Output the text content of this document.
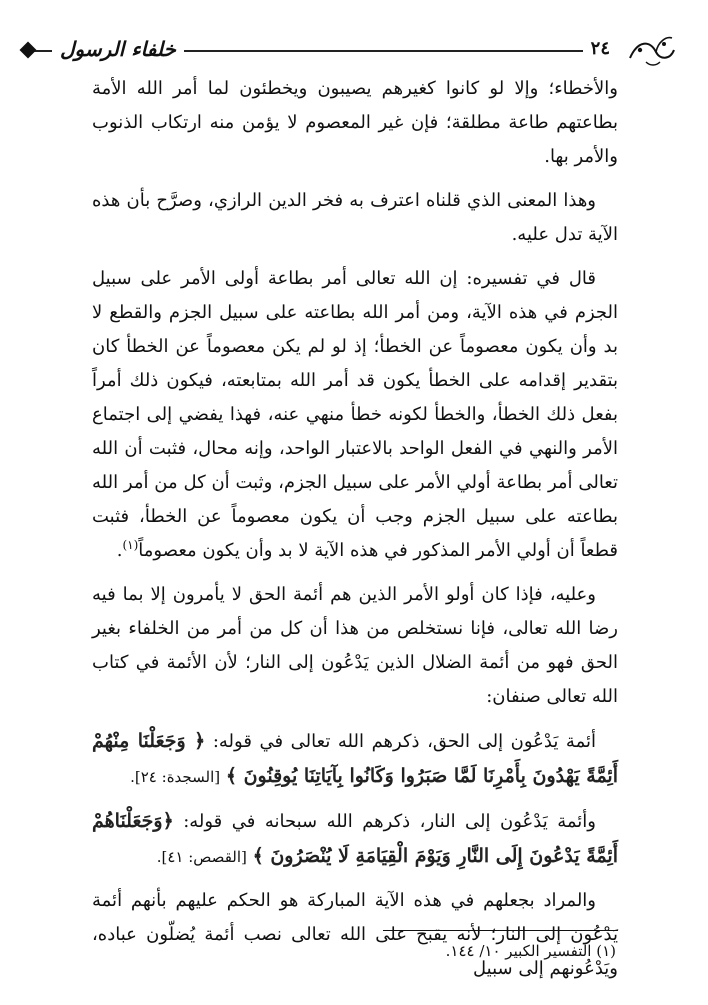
خلفاء الرسول	٢٤

والأخطاء؛ وإلا لو كانوا كغيرهم يصيبون ويخطئون لما أمر الله الأمة بطاعتهم طاعة مطلقة؛ فإن غير المعصوم لا يؤمن منه ارتكاب الذنوب والأمر بها.

وهذا المعنى الذي قلناه اعترف به فخر الدين الرازي، وصرَّح بأن هذه الآية تدل عليه.

قال في تفسيره: إن الله تعالى أمر بطاعة أولى الأمر على سبيل الجزم في هذه الآية، ومن أمر الله بطاعته على سبيل الجزم والقطع لا بد وأن يكون معصوماً عن الخطأ؛ إذ لو لم يكن معصوماً عن الخطأ كان بتقدير إقدامه على الخطأ يكون قد أمر الله بمتابعته، فيكون ذلك أمراً بفعل ذلك الخطأ، والخطأ لكونه خطأ منهي عنه، فهذا يفضي إلى اجتماع الأمر والنهي في الفعل الواحد بالاعتبار الواحد، وإنه محال، فثبت أن الله تعالى أمر بطاعة أولي الأمر على سبيل الجزم، وثبت أن كل من أمر الله بطاعته على سبيل الجزم وجب أن يكون معصوماً عن الخطأ، فثبت قطعاً أن أولي الأمر المذكور في هذه الآية لا بد وأن يكون معصوماً$^{(١)}$.

وعليه، فإذا كان أولو الأمر الذين هم أئمة الحق لا يأمرون إلا بما فيه رضا الله تعالى، فإنا نستخلص من هذا أن كل من أمر من الخلفاء بغير الحق فهو من أئمة الضلال الذين يَدْعُون إلى النار؛ لأن الأئمة في كتاب الله تعالى صنفان:

أئمة يَدْعُون إلى الحق، ذكرهم الله تعالى في قوله: ﴿ وَجَعَلْنَا مِنْهُمْ أَئِمَّةً يَهْدُونَ بِأَمْرِنَا لَمَّا صَبَرُوا وَكَانُوا بِآيَاتِنَا يُوقِنُونَ ﴾ [السجدة: ٢٤].

وأئمة يَدْعُون إلى النار، ذكرهم الله سبحانه في قوله: ﴿وَجَعَلْنَاهُمْ أَئِمَّةً يَدْعُونَ إِلَى النَّارِ وَيَوْمَ الْقِيَامَةِ لَا يُنْصَرُونَ ﴾ [القصص: ٤١].

والمراد بجعلهم في هذه الآية المباركة هو الحكم عليهم بأنهم أئمة يَدْعُون إلى النار؛ لأنه يقبح على الله تعالى نصب أئمة يُضلّون عباده، ويَدْعُونهم إلى سبيل

(١) التفسير الكبير ١٠/ ١٤٤.
